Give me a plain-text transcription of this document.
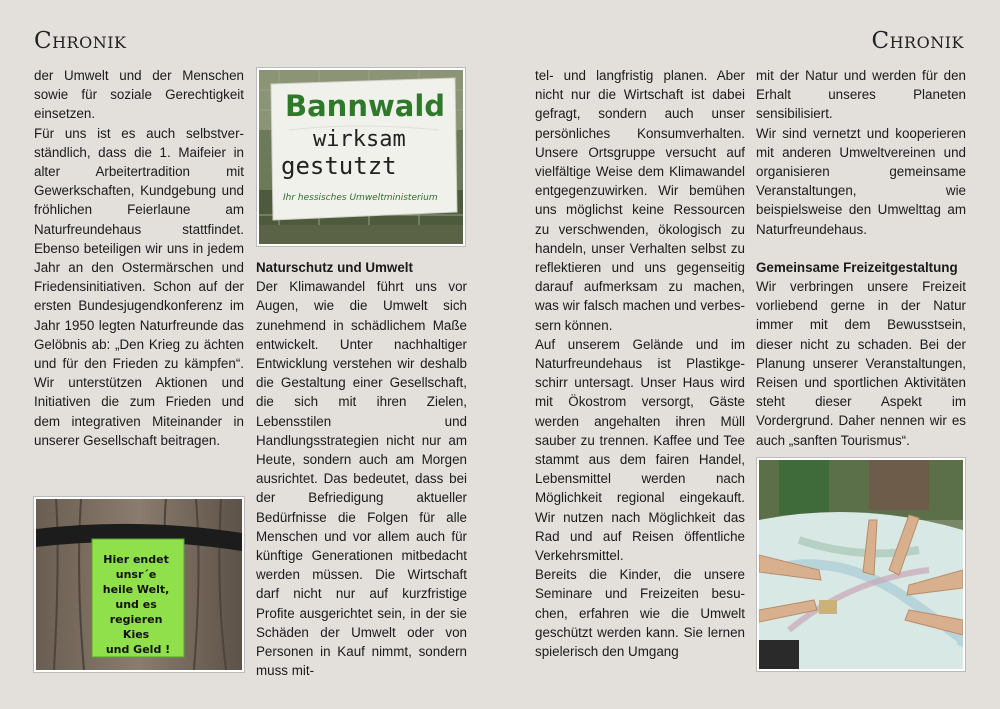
Chronik

der Umwelt und der Menschen sowie für soziale Gerechtigkeit einsetzen.

Für uns ist es auch selbstverständlich, dass die 1. Maifeier in alter Arbeitertradition mit Gewerkschaften, Kundgebung und fröhlichen Feierlaune am Naturfreundehaus stattfindet. Ebenso beteiligen wir uns in jedem Jahr an den Ostermärschen und Friedensinitiativen. Schon auf der ersten Bundesjugendkonferenz im Jahr 1950 legten Naturfreunde das Gelöbnis ab: „Den Krieg zu ächten und für den Frieden zu kämpfen“. Wir unterstützen Aktionen und Initiativen die zum Frieden und dem integrativen Miteinander in unserer Gesellschaft beitragen.

Bannwald
wirksam
gestutzt
Ihr hessisches Umweltministerium
Naturschutz und Umwelt

Der Klimawandel führt uns vor Augen, wie die Umwelt sich zunehmend in schädlichem Maße entwickelt. Unter nachhaltiger Entwicklung verstehen wir deshalb die Gestaltung einer Gesellschaft, die sich mit ihren Zielen, Lebensstilen und Handlungsstrategien nicht nur am Heute, sondern auch am Morgen ausrichtet. Das bedeutet, dass bei der Befriedigung aktueller Bedürfnisse die Folgen für alle Menschen und vor allem auch für künftige Generationen mitbedacht werden müssen. Die Wirtschaft darf nicht nur auf kurzfristige Profite ausgerichtet sein, in der sie Schäden der Umwelt oder von Personen in Kauf nimmt, sondern muss mit-

Hier endet unsr´e heile Welt, und es regieren Kies und Geld !
Chronik

tel- und langfristig planen. Aber nicht nur die Wirtschaft ist dabei gefragt, sondern auch unser persönliches Konsumverhalten. Unsere Ortsgruppe versucht auf vielfältige Weise dem Klimawandel entgegenzuwirken. Wir bemühen uns möglichst keine Ressourcen zu verschwenden, ökologisch zu handeln, unser Verhalten selbst zu reflektieren und uns gegenseitig darauf aufmerksam zu machen, was wir falsch machen und verbessern können.

Auf unserem Gelände und im Naturfreundehaus ist Plastikgeschirr untersagt. Unser Haus wird mit Ökostrom versorgt, Gäste werden angehalten ihren Müll sauber zu trennen. Kaffee und Tee stammt aus dem fairen Handel, Lebensmittel werden nach Möglichkeit regional eingekauft. Wir nutzen nach Möglichkeit das Rad und auf Reisen öffentliche Verkehrsmittel.

Bereits die Kinder, die unsere Seminare und Freizeiten besuchen, erfahren wie die Umwelt geschützt werden kann. Sie lernen spielerisch den Umgang

mit der Natur und werden für den Erhalt unseres Planeten sensibilisiert.

Wir sind vernetzt und kooperieren mit anderen Umweltvereinen und organisieren gemeinsame Veranstaltungen, wie beispielsweise den Umwelttag am Naturfreundehaus.

Gemeinsame Freizeitgestaltung

Wir verbringen unsere Freizeit vorliebend gerne in der Natur immer mit dem Bewusstsein, dieser nicht zu schaden. Bei der Planung unserer Veranstaltungen, Reisen und sportlichen Aktivitäten steht dieser Aspekt im Vordergrund. Daher nennen wir es auch „sanften Tourismus“.
